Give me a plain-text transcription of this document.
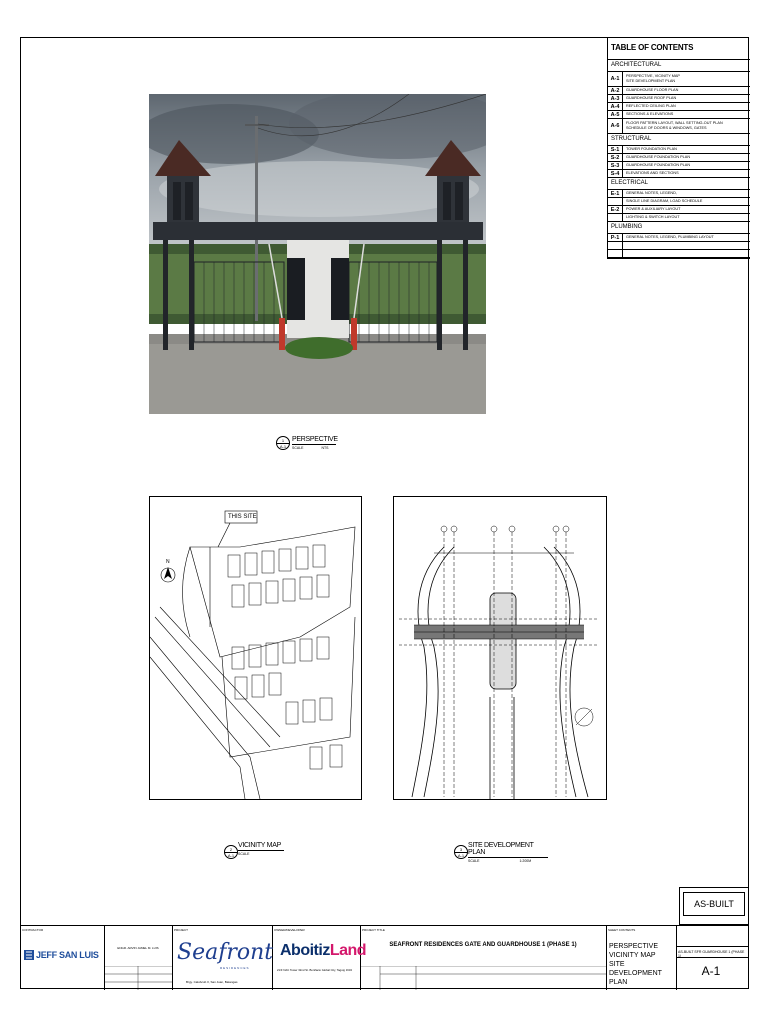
TABLE OF CONTENTS
ARCHITECTURAL
A-1	PERSPECTIVE, VICINITY MAP
SITE DEVELOPMENT PLAN
A-2	GUARDHOUSE FLOOR PLAN
A-3	GUARDHOUSE ROOF PLAN
A-4	REFLECTED CEILING PLAN
A-5	SECTIONS & ELEVATIONS
A-6	FLOOR PATTERN LAYOUT, WALL SETTING-OUT PLAN
SCHEDULE OF DOORS & WINDOWS, GATES
STRUCTURAL
S-1	TOWER FOUNDATION PLAN
S-2	GUARDHOUSE FOUNDATION PLAN
S-3	GUARDHOUSE FOUNDATION PLAN
S-4	ELEVATIONS AND SECTIONS
ELECTRICAL
E-1	GENERAL NOTES, LEGEND,
SINGLE LINE DIAGRAM, LOAD SCHEDULE
E-2	POWER & AUXILIARY LAYOUT
LIGHTING & SWITCH LAYOUT
PLUMBING
P-1	GENERAL NOTES, LEGEND, PLUMBING LAYOUT
1
A-1
PERSPECTIVE
SCALE	NTS
N
THIS SITE
2
A-1
VICINITY MAP
SCALE
3
A-1
SITE DEVELOPMENT PLAN
SCALE	1:200M
AS-BUILT
CONTRACTOR
JEFF SAN LUIS
ENGR. ARVIN JAMEL M. LUIS
PROJECT
Seafront
RESIDENCES
Brgy. Calubcub II, San Juan, Batangas
OWNER/DEVELOPER
AboitizLand
21/F NAC Tower 32nd St. Bonifacio Global City, Taguig 1634
PROJECT TITLE
SEAFRONT RESIDENCES GATE AND GUARDHOUSE 1 (PHASE 1)
SHEET CONTENTS
PERSPECTIVE
VICINITY MAP
SITE DEVELOPMENT PLAN
AS-BUILT SFR GUARDHOUSE 1 (PHASE 1)
A-1
